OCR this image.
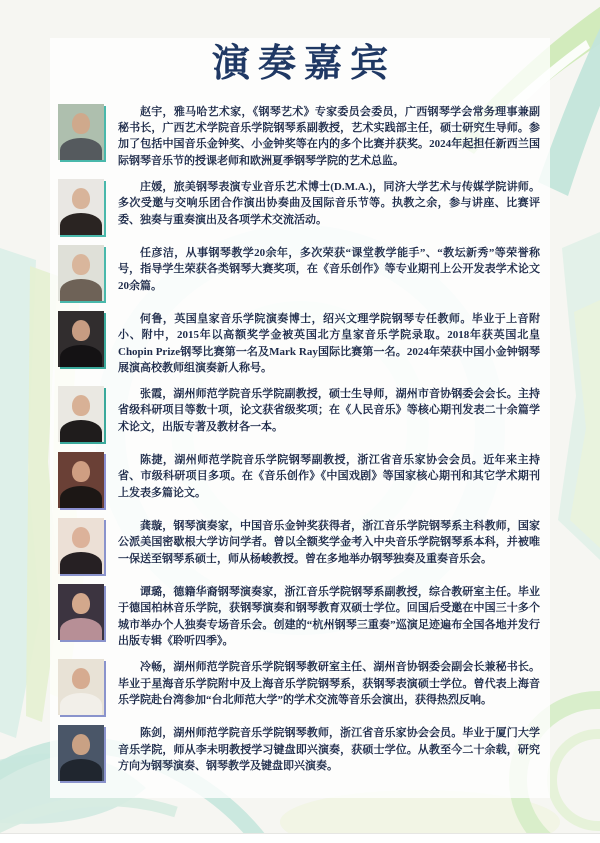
演奏嘉宾

赵宇，雅马哈艺术家，《钢琴艺术》专家委员会委员，广西钢琴学会常务理事兼副秘书长，广西艺术学院音乐学院钢琴系副教授，艺术实践部主任，硕士研究生导师。参加了包括中国音乐金钟奖、小金钟奖等在内的多个比赛并获奖。2024年起担任新西兰国际钢琴音乐节的授课老师和欧洲夏季钢琴学院的艺术总监。

庄媛，旅美钢琴表演专业音乐艺术博士(D.M.A.)，同济大学艺术与传媒学院讲师。多次受邀与交响乐团合作演出协奏曲及国际音乐节等。执教之余，参与讲座、比赛评委、独奏与重奏演出及各项学术交流活动。

任彦洁，从事钢琴教学20余年，多次荣获“课堂教学能手”、“教坛新秀”等荣誉称号，指导学生荣获各类钢琴大赛奖项，在《音乐创作》等专业期刊上公开发表学术论文20余篇。

何鲁，英国皇家音乐学院演奏博士，绍兴文理学院钢琴专任教师。毕业于上音附小、附中，2015年以高额奖学金被英国北方皇家音乐学院录取。2018年获英国北皇Chopin Prize钢琴比赛第一名及Mark Ray国际比赛第一名。2024年荣获中国小金钟钢琴展演高校教师组演奏新人称号。

张霞，湖州师范学院音乐学院副教授，硕士生导师，湖州市音协钢委会会长。主持省级科研项目等数十项，论文获省级奖项；在《人民音乐》等核心期刊发表二十余篇学术论文，出版专著及教材各一本。

陈捷，湖州师范学院音乐学院钢琴副教授，浙江省音乐家协会会员。近年来主持省、市级科研项目多项。在《音乐创作》《中国戏剧》等国家核心期刊和其它学术期刊上发表多篇论文。

龚璇，钢琴演奏家，中国音乐金钟奖获得者，浙江音乐学院钢琴系主科教师，国家公派美国密歇根大学访问学者。曾以全额奖学金考入中央音乐学院钢琴系本科，并被唯一保送至钢琴系硕士，师从杨峻教授。曾在多地举办钢琴独奏及重奏音乐会。

谭璐，德籍华裔钢琴演奏家，浙江音乐学院钢琴系副教授，综合教研室主任。毕业于德国柏林音乐学院，获钢琴演奏和钢琴教育双硕士学位。回国后受邀在中国三十多个城市举办个人独奏专场音乐会。创建的“杭州钢琴三重奏”巡演足迹遍布全国各地并发行出版专辑《聆听四季》。

冷畅，湖州师范学院音乐学院钢琴教研室主任、湖州音协钢委会副会长兼秘书长。毕业于星海音乐学院附中及上海音乐学院钢琴系，获钢琴表演硕士学位。曾代表上海音乐学院赴台湾参加“台北师范大学”的学术交流等音乐会演出，获得热烈反响。

陈剑，湖州师范学院音乐学院钢琴教师，浙江省音乐家协会会员。毕业于厦门大学音乐学院，师从李未明教授学习键盘即兴演奏，获硕士学位。从教至今二十余载，研究方向为钢琴演奏、钢琴教学及键盘即兴演奏。
